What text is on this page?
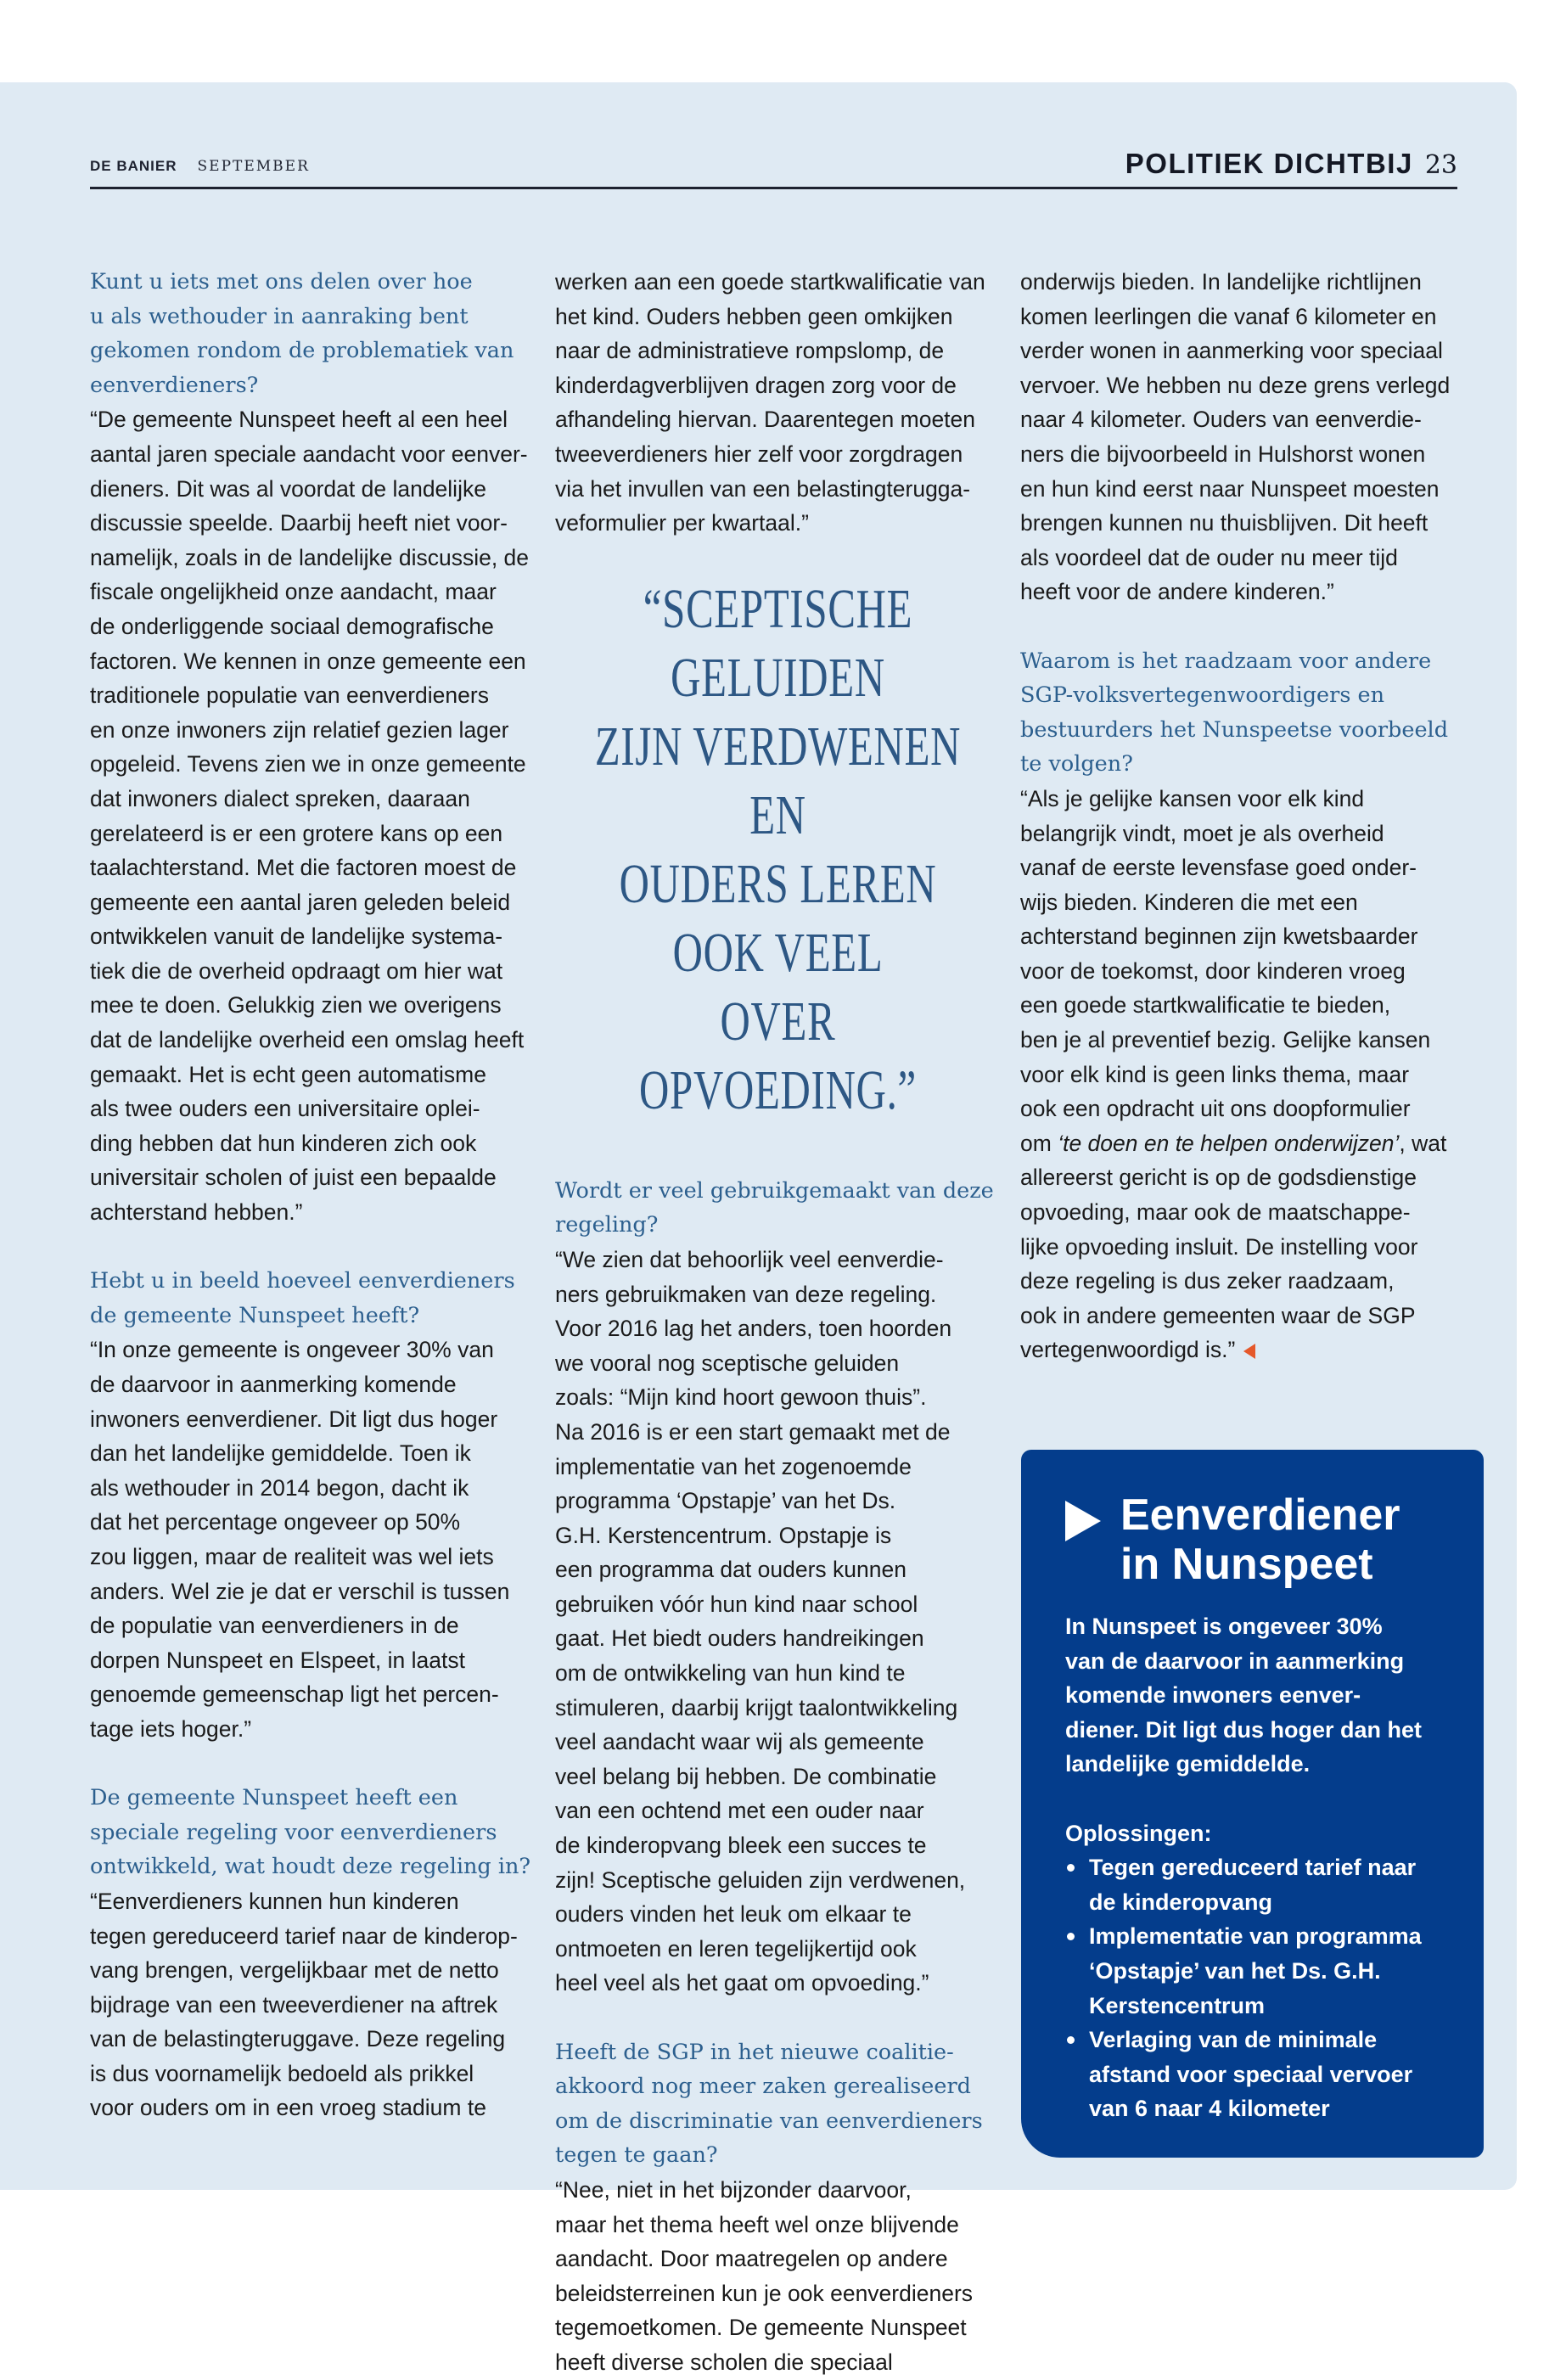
DE BANIER SEPTEMBER	POLITIEK DICHTBIJ 23

Kunt u iets met ons delen over hoe
u als wethouder in aanraking bent
gekomen rondom de problematiek van
eenverdieners?

“De gemeente Nunspeet heeft al een heel
aantal jaren speciale aandacht voor eenver-
dieners. Dit was al voordat de landelijke
discussie speelde. Daarbij heeft niet voor-
namelijk, zoals in de landelijke discussie, de
fiscale ongelijkheid onze aandacht, maar
de onderliggende sociaal demografische
factoren. We kennen in onze gemeente een
traditionele populatie van eenverdieners
en onze inwoners zijn relatief gezien lager
opgeleid. Tevens zien we in onze gemeente
dat inwoners dialect spreken, daaraan
gerelateerd is er een grotere kans op een
taalachterstand. Met die factoren moest de
gemeente een aantal jaren geleden beleid
ontwikkelen vanuit de landelijke systema-
tiek die de overheid opdraagt om hier wat
mee te doen. Gelukkig zien we overigens
dat de landelijke overheid een omslag heeft
gemaakt. Het is echt geen automatisme
als twee ouders een universitaire oplei-
ding hebben dat hun kinderen zich ook
universitair scholen of juist een bepaalde
achterstand hebben.”

Hebt u in beeld hoeveel eenverdieners
de gemeente Nunspeet heeft?

“In onze gemeente is ongeveer 30% van
de daarvoor in aanmerking komende
inwoners eenverdiener. Dit ligt dus hoger
dan het landelijke gemiddelde. Toen ik
als wethouder in 2014 begon, dacht ik
dat het percentage ongeveer op 50%
zou liggen, maar de realiteit was wel iets
anders. Wel zie je dat er verschil is tussen
de populatie van eenverdieners in de
dorpen Nunspeet en Elspeet, in laatst
genoemde gemeenschap ligt het percen-
tage iets hoger.”

De gemeente Nunspeet heeft een
speciale regeling voor eenverdieners
ontwikkeld, wat houdt deze regeling in?

“Eenverdieners kunnen hun kinderen
tegen gereduceerd tarief naar de kinderop-
vang brengen, vergelijkbaar met de netto
bijdrage van een tweeverdiener na aftrek
van de belastingteruggave. Deze regeling
is dus voornamelijk bedoeld als prikkel
voor ouders om in een vroeg stadium te

werken aan een goede startkwalificatie van
het kind. Ouders hebben geen omkijken
naar de administratieve rompslomp, de
kinderdagverblijven dragen zorg voor de
afhandeling hiervan. Daarentegen moeten
tweeverdieners hier zelf voor zorgdragen
via het invullen van een belastingterugga-
veformulier per kwartaal.”

“SCEPTISCHE GELUIDEN
ZIJN VERDWENEN EN
OUDERS LEREN OOK VEEL
OVER OPVOEDING.”

Wordt er veel gebruikgemaakt van deze
regeling?

“We zien dat behoorlijk veel eenverdie-
ners gebruikmaken van deze regeling.
Voor 2016 lag het anders, toen hoorden
we vooral nog sceptische geluiden
zoals: “Mijn kind hoort gewoon thuis”.
Na 2016 is er een start gemaakt met de
implementatie van het zogenoemde
programma ‘Opstapje’ van het Ds.
G.H. Kerstencentrum. Opstapje is
een programma dat ouders kunnen
gebruiken vóór hun kind naar school
gaat. Het biedt ouders handreikingen
om de ontwikkeling van hun kind te
stimuleren, daarbij krijgt taalontwikkeling
veel aandacht waar wij als gemeente
veel belang bij hebben. De combinatie
van een ochtend met een ouder naar
de kinderopvang bleek een succes te
zijn! Sceptische geluiden zijn verdwenen,
ouders vinden het leuk om elkaar te
ontmoeten en leren tegelijkertijd ook
heel veel als het gaat om opvoeding.”

Heeft de SGP in het nieuwe coalitie-
akkoord nog meer zaken gerealiseerd
om de discriminatie van eenverdieners
tegen te gaan?

“Nee, niet in het bijzonder daarvoor,
maar het thema heeft wel onze blijvende
aandacht. Door maatregelen op andere
beleidsterreinen kun je ook eenverdieners
tegemoetkomen. De gemeente Nunspeet
heeft diverse scholen die speciaal

onderwijs bieden. In landelijke richtlijnen
komen leerlingen die vanaf 6 kilometer en
verder wonen in aanmerking voor speciaal
vervoer. We hebben nu deze grens verlegd
naar 4 kilometer. Ouders van eenverdie-
ners die bijvoorbeeld in Hulshorst wonen
en hun kind eerst naar Nunspeet moesten
brengen kunnen nu thuisblijven. Dit heeft
als voordeel dat de ouder nu meer tijd
heeft voor de andere kinderen.”

Waarom is het raadzaam voor andere
SGP-volksvertegenwoordigers en
bestuurders het Nunspeetse voorbeeld
te volgen?

“Als je gelijke kansen voor elk kind
belangrijk vindt, moet je als overheid
vanaf de eerste levensfase goed onder-
wijs bieden. Kinderen die met een
achterstand beginnen zijn kwetsbaarder
voor de toekomst, door kinderen vroeg
een goede startkwalificatie te bieden,
ben je al preventief bezig. Gelijke kansen
voor elk kind is geen links thema, maar
ook een opdracht uit ons doopformulier
om ‘te doen en te helpen onderwijzen’, wat
allereerst gericht is op de godsdienstige
opvoeding, maar ook de maatschappe-
lijke opvoeding insluit. De instelling voor
deze regeling is dus zeker raadzaam,
ook in andere gemeenten waar de SGP
vertegenwoordigd is.”

Eenverdiener
in Nunspeet

In Nunspeet is ongeveer 30%
van de daarvoor in aanmerking
komende inwoners eenver-
diener. Dit ligt dus hoger dan het
landelijke gemiddelde.

Oplossingen:

Tegen gereduceerd tarief naar
de kinderopvang
Implementatie van programma
‘Opstapje’ van het Ds. G.H.
Kerstencentrum
Verlaging van de minimale
afstand voor speciaal vervoer
van 6 naar 4 kilometer
